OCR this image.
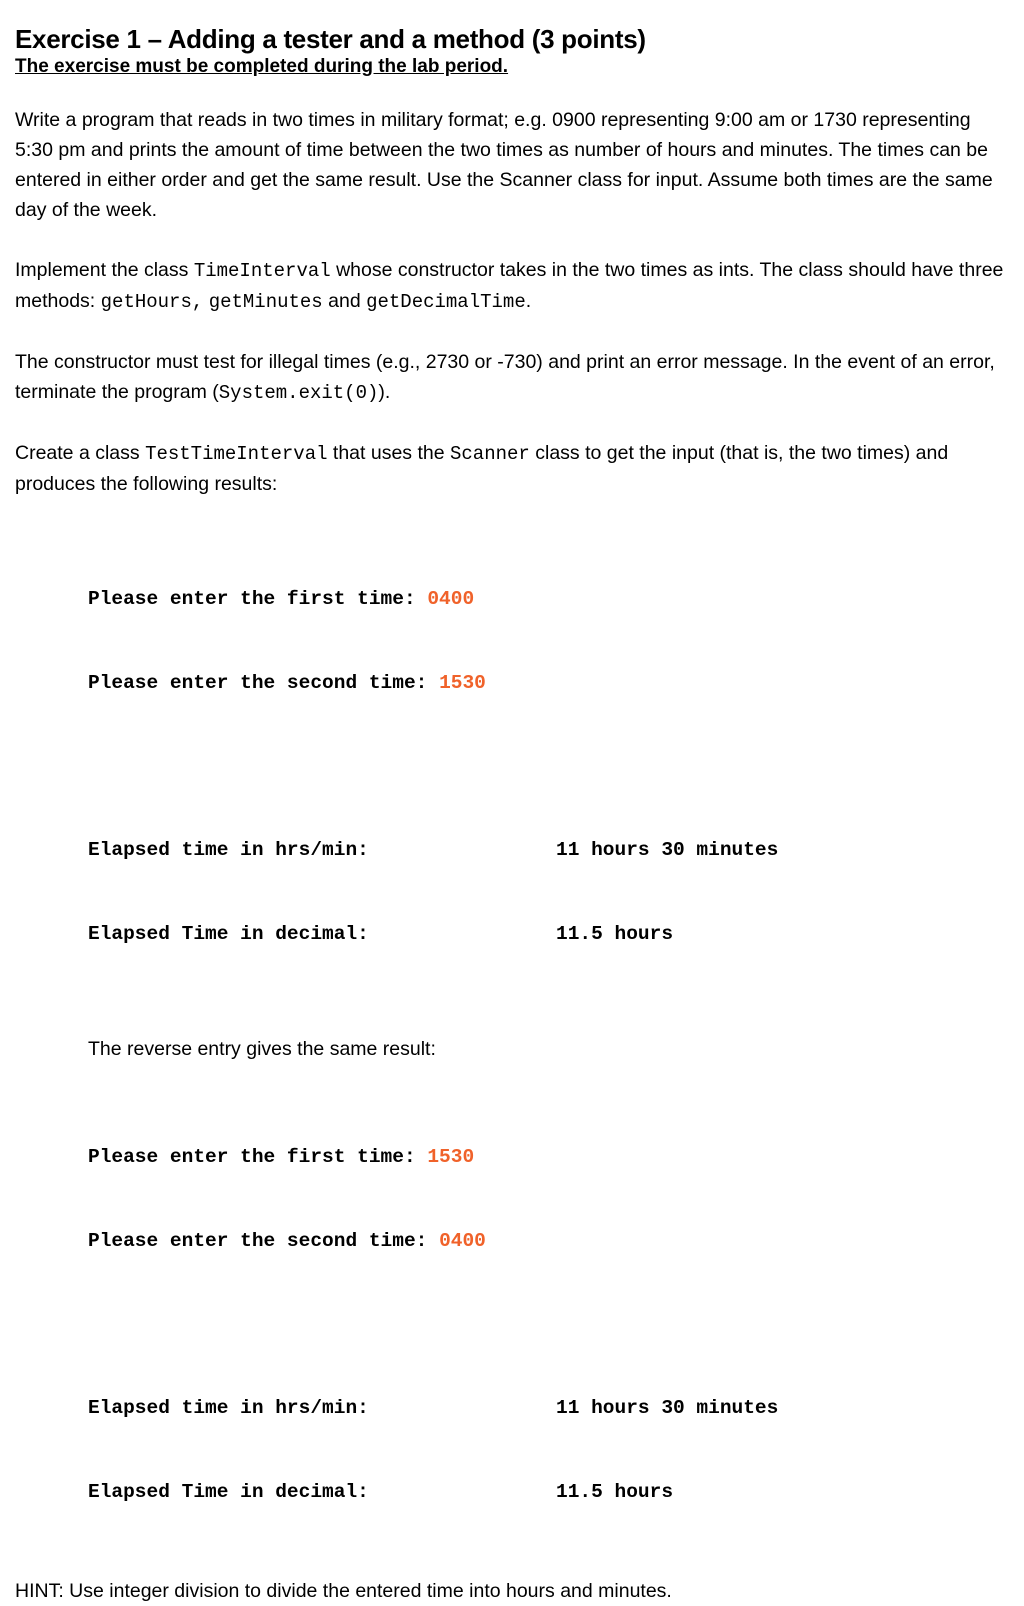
Exercise 1 – Adding a tester and a method (3 points)

The exercise must be completed during the lab period.

Write a program that reads in two times in military format; e.g. 0900 representing 9:00 am or 1730 representing 5:30 pm and prints the amount of time between the two times as number of hours and minutes. The times can be entered in either order and get the same result. Use the Scanner class for input. Assume both times are the same day of the week.

Implement the class TimeInterval whose constructor takes in the two times as ints. The class should have three methods: getHours, getMinutes and getDecimalTime.

The constructor must test for illegal times (e.g., 2730 or -730) and print an error message. In the event of an error, terminate the program (System.exit(0)).

Create a class TestTimeInterval that uses the Scanner class to get the input (that is, the two times) and produces the following results:

Please enter the first time: 0400

Please enter the second time: 1530

Elapsed time in hrs/min:	11 hours 30 minutes

Elapsed Time in decimal:	11.5 hours

The reverse entry gives the same result:

Please enter the first time: 1530

Please enter the second time: 0400

Elapsed time in hrs/min:	11 hours 30 minutes

Elapsed Time in decimal:	11.5 hours

HINT: Use integer division to divide the entered time into hours and minutes.
